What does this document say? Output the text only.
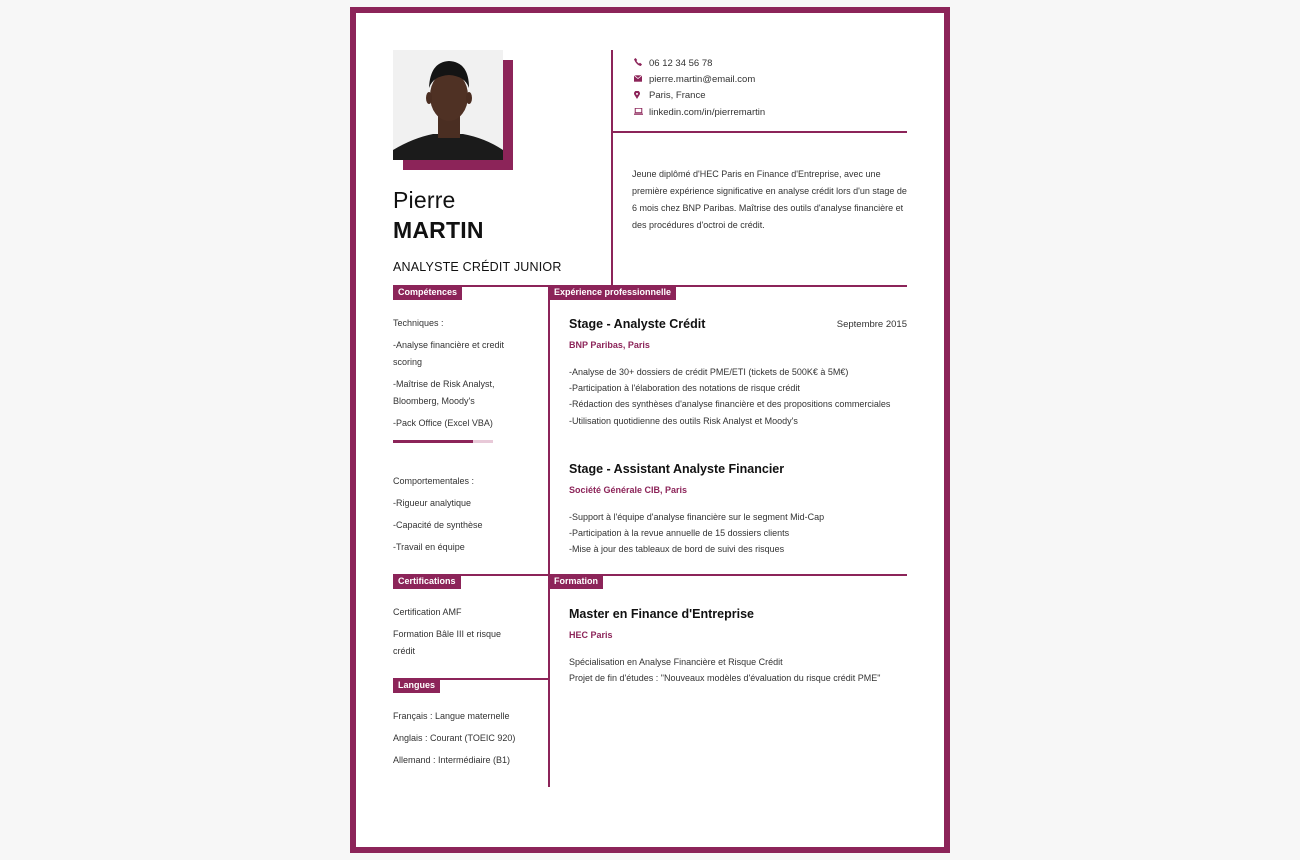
Pierre
MARTIN
ANALYSTE CRÉDIT JUNIOR
06 12 34 56 78
pierre.martin@email.com
Paris, France
linkedin.com/in/pierremartin

Jeune diplômé d'HEC Paris en Finance d'Entreprise, avec une première expérience significative en analyse crédit lors d'un stage de 6 mois chez BNP Paribas. Maîtrise des outils d'analyse financière et des procédures d'octroi de crédit.

Compétences	Expérience professionnelle
Certifications	Formation
Langues

Techniques :

-Analyse financière et credit scoring

-Maîtrise de Risk Analyst, Bloomberg, Moody's

-Pack Office (Excel VBA)

Comportementales :

-Rigueur analytique

-Capacité de synthèse

-Travail en équipe

Stage - Analyste Crédit	Septembre 2015
BNP Paribas, Paris

-Analyse de 30+ dossiers de crédit PME/ETI (tickets de 500K€ à 5M€)

-Participation à l'élaboration des notations de risque crédit

-Rédaction des synthèses d'analyse financière et des propositions commerciales

-Utilisation quotidienne des outils Risk Analyst et Moody's

Stage - Assistant Analyste Financier
Société Générale CIB, Paris

-Support à l'équipe d'analyse financière sur le segment Mid-Cap

-Participation à la revue annuelle de 15 dossiers clients

-Mise à jour des tableaux de bord de suivi des risques

Certification AMF

Formation Bâle III et risque crédit

Master en Finance d'Entreprise
HEC Paris

Spécialisation en Analyse Financière et Risque Crédit

Projet de fin d'études : "Nouveaux modèles d'évaluation du risque crédit PME"

Français : Langue maternelle

Anglais : Courant (TOEIC 920)

Allemand : Intermédiaire (B1)
